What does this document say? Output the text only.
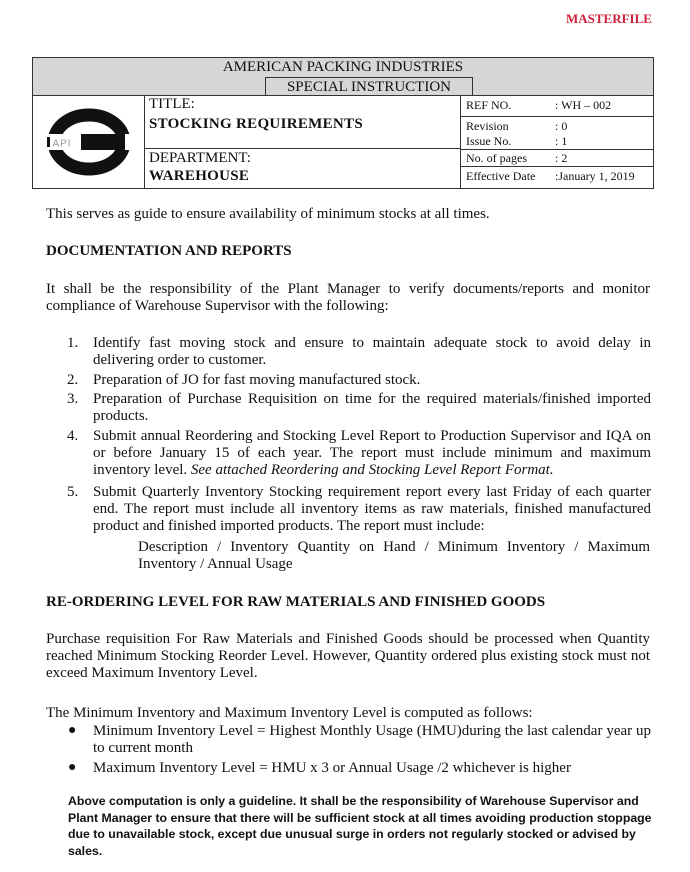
MASTERFILE
AMERICAN PACKING INDUSTRIES
SPECIAL INSTRUCTION
API
TITLE:
STOCKING REQUIREMENTS
DEPARTMENT:
WAREHOUSE
REF NO.	: WH – 002
Revision	: 0
Issue No.	: 1
No. of pages : 2
Effective Date :January 1, 2019
This serves as guide to ensure availability of minimum stocks at all times.
DOCUMENTATION AND REPORTS
It shall be the responsibility of the Plant Manager to verify documents/reports and monitor compliance of Warehouse Supervisor with the following:
1. Identify fast moving stock and ensure to maintain adequate stock to avoid delay in delivering order to customer.
2. Preparation of JO for fast moving manufactured stock.
3. Preparation of Purchase Requisition on time for the required materials/finished imported products.
4. Submit annual Reordering and Stocking Level Report to Production Supervisor and IQA on or before January 15 of each year. The report must include minimum and maximum inventory level. See attached Reordering and Stocking Level Report Format.
5. Submit Quarterly Inventory Stocking requirement report every last Friday of each quarter end. The report must include all inventory items as raw materials, finished manufactured product and finished imported products. The report must include:
Description / Inventory Quantity on Hand / Minimum Inventory / Maximum Inventory / Annual Usage
RE-ORDERING LEVEL FOR RAW MATERIALS AND FINISHED GOODS
Purchase requisition For Raw Materials and Finished Goods should be processed when Quantity reached Minimum Stocking Reorder Level. However, Quantity ordered plus existing stock must not exceed Maximum Inventory Level.
The Minimum Inventory and Maximum Inventory Level is computed as follows:
● Minimum Inventory Level = Highest Monthly Usage (HMU)during the last calendar year up to current month
● Maximum Inventory Level = HMU x 3 or Annual Usage /2 whichever is higher
Above computation is only a guideline. It shall be the responsibility of Warehouse Supervisor and Plant Manager to ensure that there will be sufficient stock at all times avoiding production stoppage due to unavailable stock, except due unusual surge in orders not regularly stocked or advised by sales.
